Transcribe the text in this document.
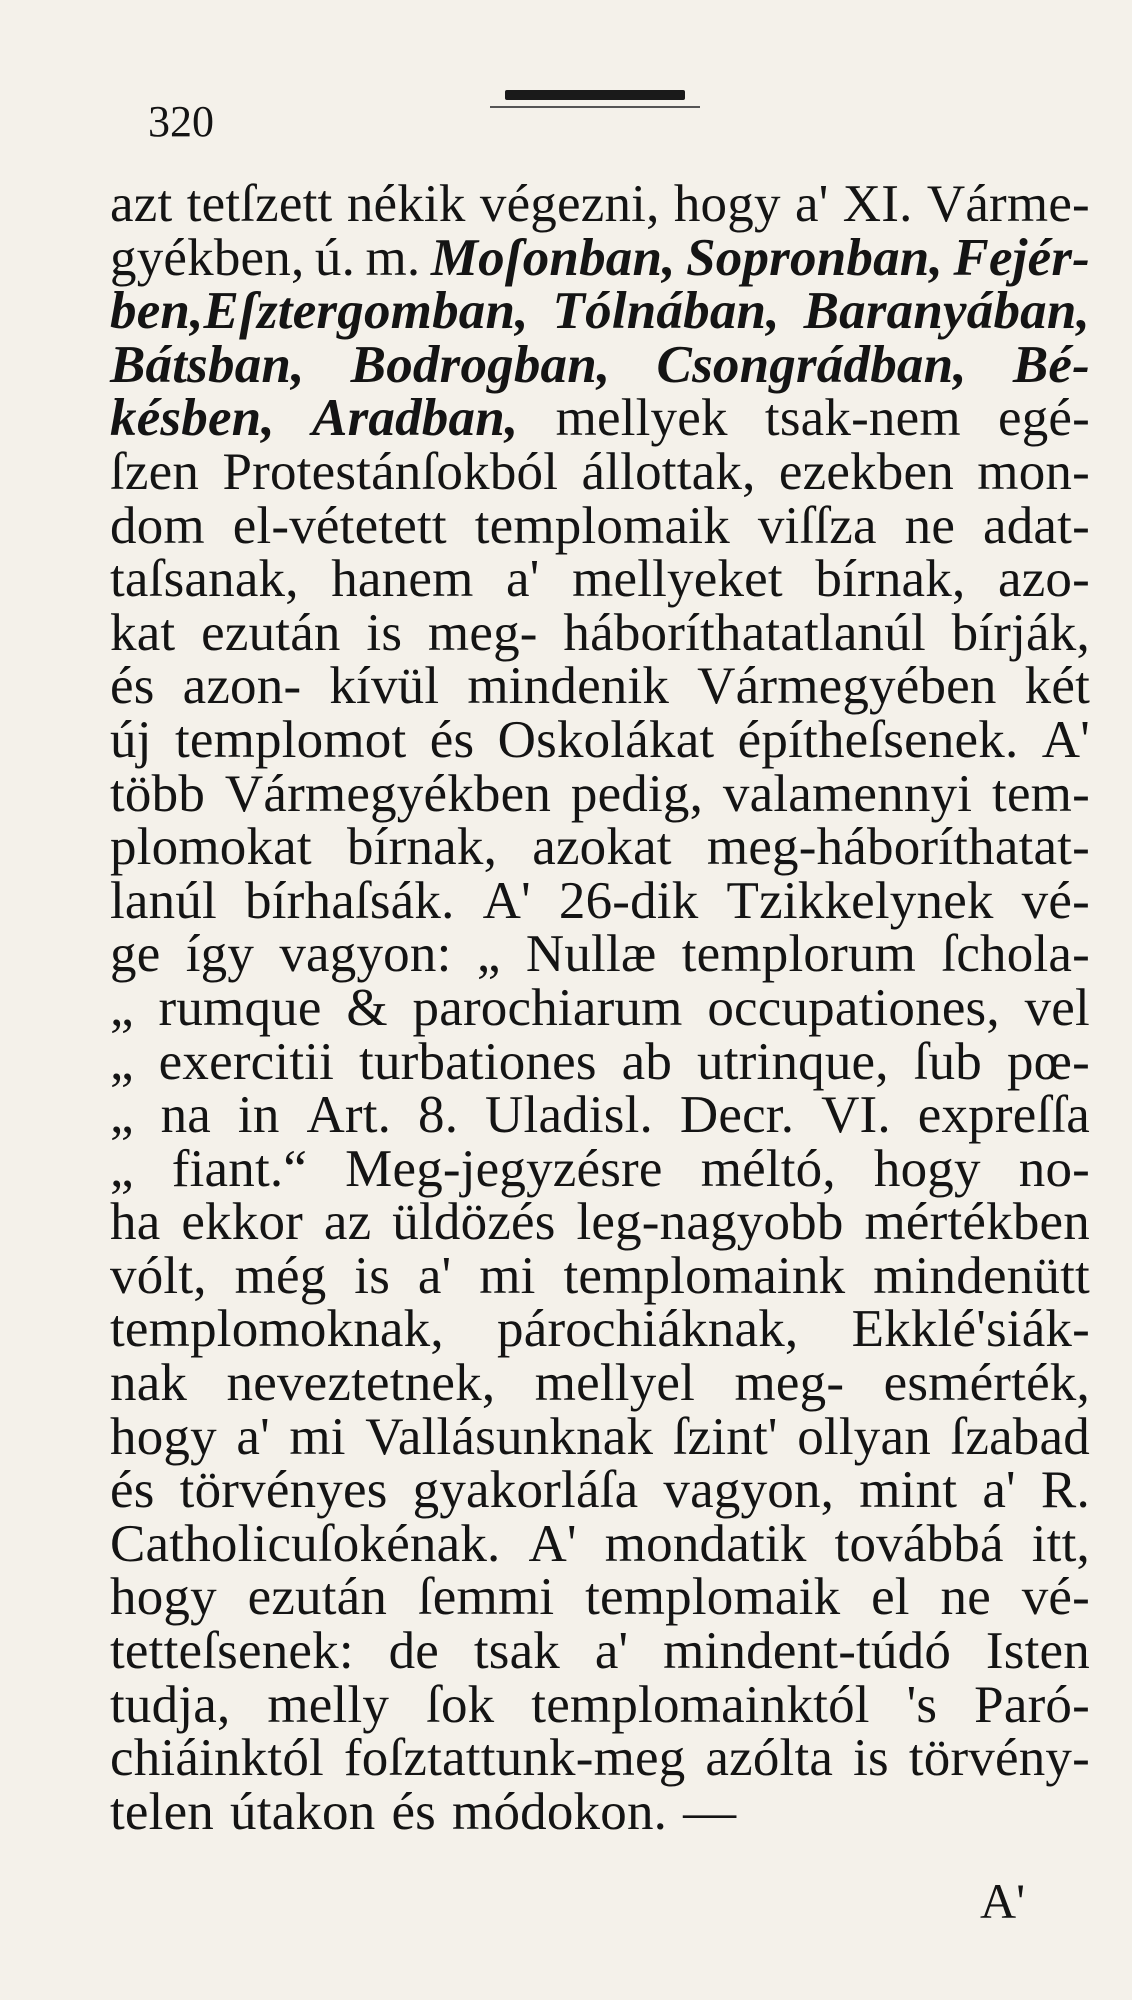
320
azt tetſzett nékik végezni, hogy a' XI. Várme-
gyékben, ú. m. Moſonban, Sopronban, Fejér-
ben,Eſztergomban, Tólnában, Baranyában,
Bátsban, Bodrogban, Csongrádban, Bé-
késben, Aradban, mellyek tsak-nem egé-
ſzen Protestánſokból állottak, ezekben mon-
dom el-vétetett templomaik viſſza ne adat-
taſsanak, hanem a' mellyeket bírnak, azo-
kat ezután is meg- háboríthatatlanúl bírják,
és azon- kívül mindenik Vármegyében két
új templomot és Oskolákat építheſsenek. A'
több Vármegyékben pedig, valamennyi tem-
plomokat bírnak, azokat meg-háboríthatat-
lanúl bírhaſsák. A' 26-dik Tzikkelynek vé-
ge így vagyon: „ Nullæ templorum ſchola-
„ rumque & parochiarum occupationes, vel
„ exercitii turbationes ab utrinque, ſub pœ-
„ na in Art. 8. Uladisl. Decr. VI. expreſſa
„ fiant.“ Meg-jegyzésre méltó, hogy no-
ha ekkor az üldözés leg-nagyobb mértékben
vólt, még is a' mi templomaink mindenütt
templomoknak, párochiáknak, Ekklé'siák-
nak neveztetnek, mellyel meg- esmérték,
hogy a' mi Vallásunknak ſzint' ollyan ſzabad
és törvényes gyakorláſa vagyon, mint a' R.
Catholicuſokénak. A' mondatik továbbá itt,
hogy ezután ſemmi templomaik el ne vé-
tetteſsenek: de tsak a' mindent-túdó Isten
tudja, melly ſok templomainktól 's Paró-
chiáinktól foſztattunk-meg azólta is törvény-
telen útakon és módokon. —
A'
